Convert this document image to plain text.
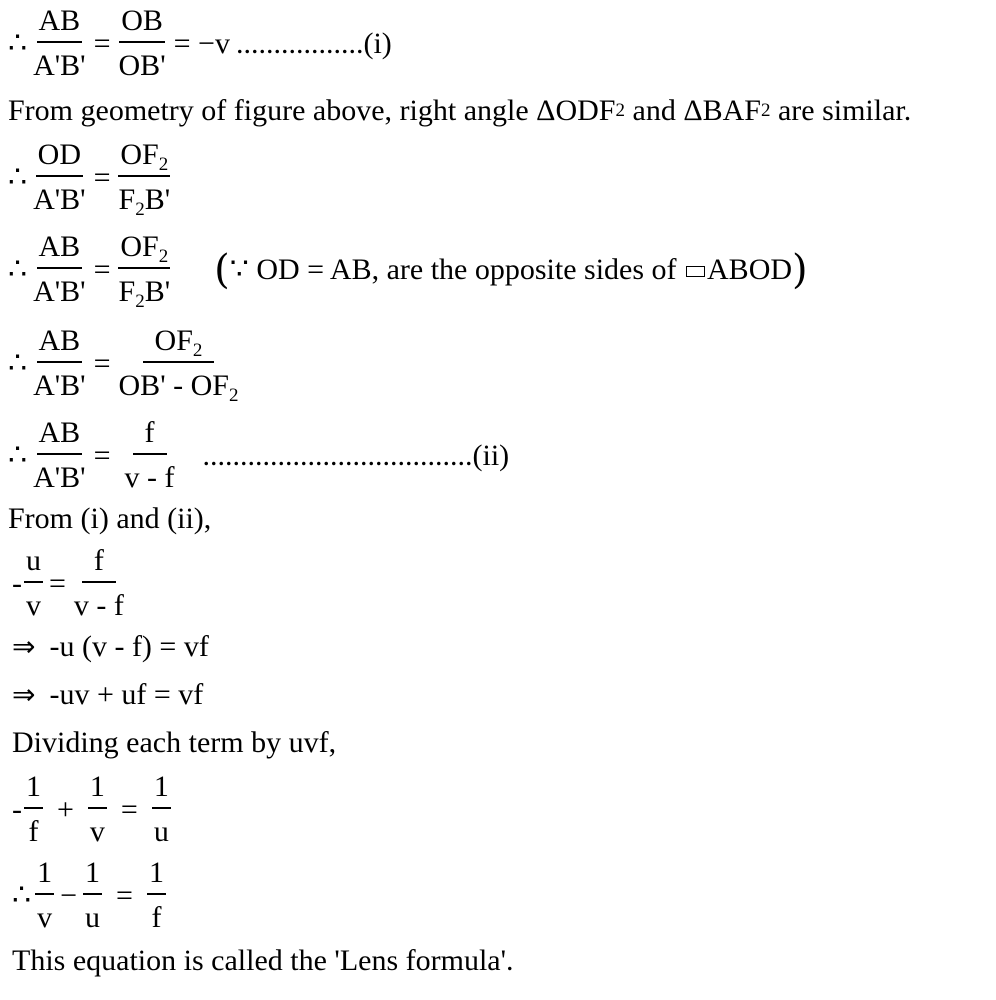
∴ $\frac{AB}{A'B'} = \frac{OB}{OB'} = -v$ ................. (i)
From geometry of figure above, right angle ΔODF 2 and ΔBAF 2 are similar.
∴ $\frac{OD}{A'B'} = \frac{OF_2}{F_2B'}$
∴ $\frac{AB}{A'B'} = \frac{OF_2}{F_2B'}$ ( ∵ OD = AB, are the opposite sides of ABOD )
∴ $\frac{AB}{A'B'} = \frac{OF_2}{OB' - OF_2}$
∴ $\frac{AB}{A'B'} = \frac{f}{v - f}$ .................................... (ii)
From (i) and (ii),
- $\frac{u}{v} = \frac{f}{v - f}$
⇒ -u (v - f) = vf
⇒ -uv + uf = vf
Dividing each term by uvf,
- $\frac{1}{f} + \frac{1}{v} = \frac{1}{u}$
∴ $\frac{1}{v} - \frac{1}{u} = \frac{1}{f}$
This equation is called the 'Lens formula'.
